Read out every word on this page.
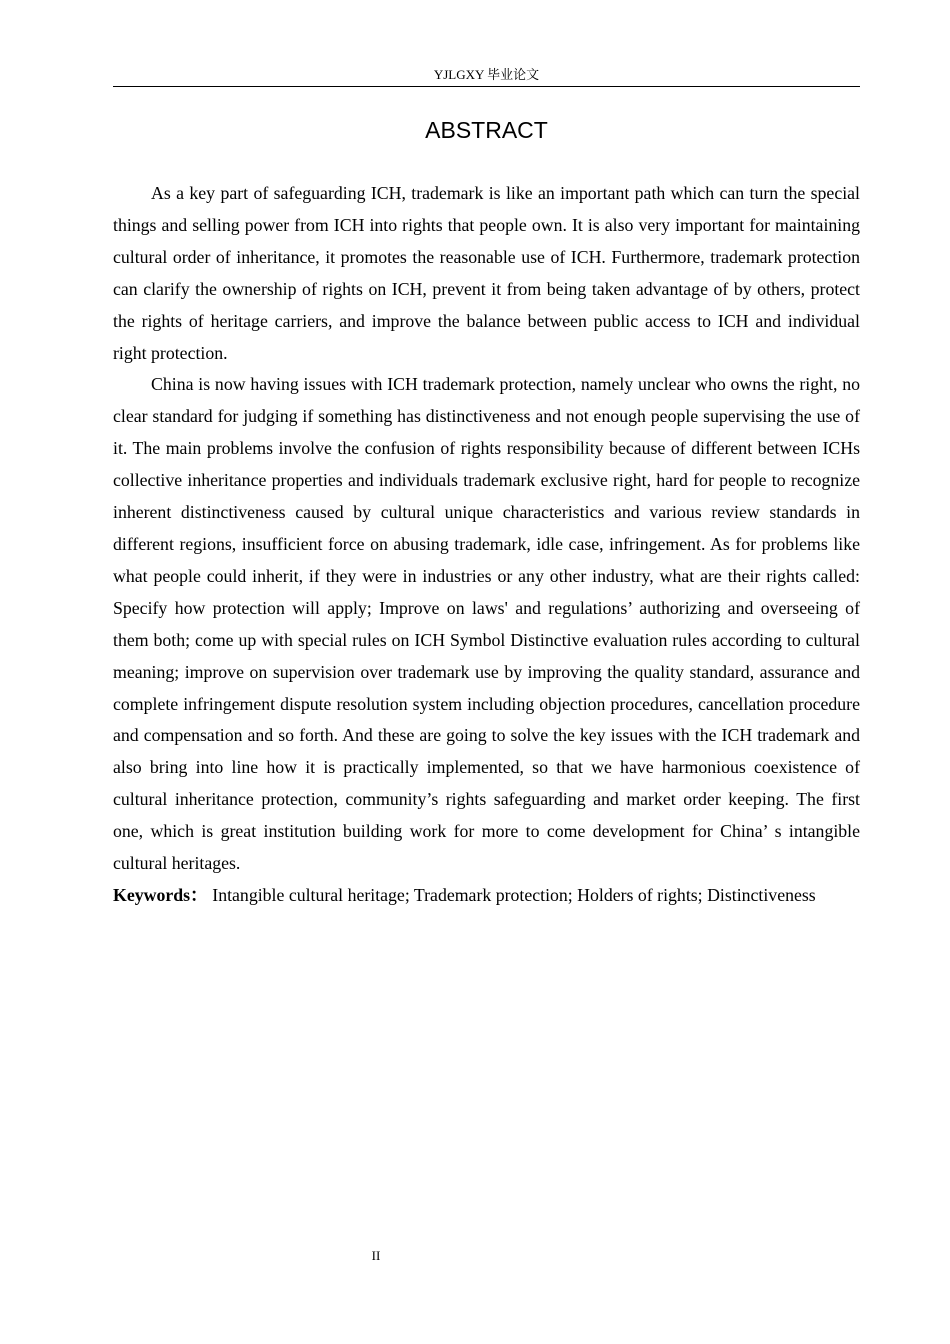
YJLGXY 毕业论文
ABSTRACT

As a key part of safeguarding ICH, trademark is like an important path which can turn the special things and selling power from ICH into rights that people own. It is also very important for maintaining cultural order of inheritance, it promotes the reasonable use of ICH. Furthermore, trademark protection can clarify the ownership of rights on ICH, prevent it from being taken advantage of by others, protect the rights of heritage carriers, and improve the balance between public access to ICH and individual right protection.

China is now having issues with ICH trademark protection, namely unclear who owns the right, no clear standard for judging if something has distinctiveness and not enough people supervising the use of it. The main problems involve the confusion of rights responsibility because of different between ICHs collective inheritance properties and individuals trademark exclusive right, hard for people to recognize inherent distinctiveness caused by cultural unique characteristics and various review standards in different regions, insufficient force on abusing trademark, idle case, infringement. As for problems like what people could inherit, if they were in industries or any other industry, what are their rights called: Specify how protection will apply; Improve on laws' and regulations’ authorizing and overseeing of them both; come up with special rules on ICH Symbol Distinctive evaluation rules according to cultural meaning; improve on supervision over trademark use by improving the quality standard, assurance and complete infringement dispute resolution system including objection procedures, cancellation procedure and compensation and so forth. And these are going to solve the key issues with the ICH trademark and also bring into line how it is practically implemented, so that we have harmonious coexistence of cultural inheritance protection, community’s rights safeguarding and market order keeping. The first one, which is great institution building work for more to come development for China’ s intangible cultural heritages.

Keywords： Intangible cultural heritage; Trademark protection; Holders of rights; Distinctiveness

II
